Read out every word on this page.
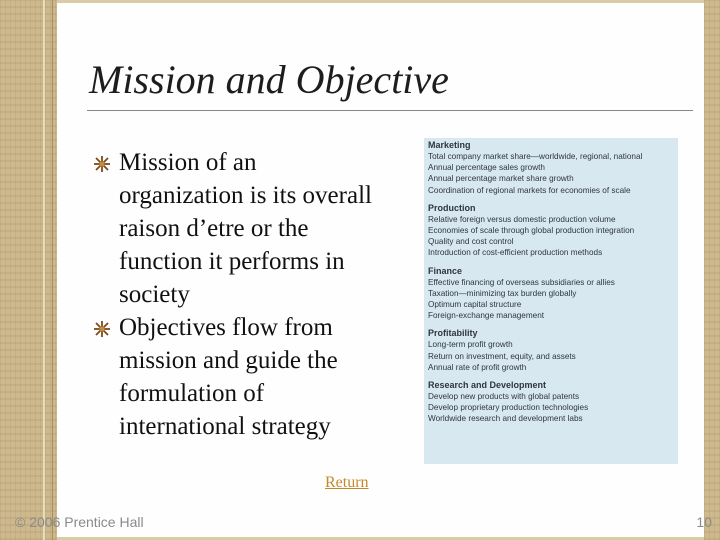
Mission and Objective
Mission of an organization is its overall raison d’etre or the function it performs in society
Objectives flow from mission and guide the formulation of international strategy
Marketing
Total company market share—worldwide, regional, national
Annual percentage sales growth
Annual percentage market share growth
Coordination of regional markets for economies of scale
Production
Relative foreign versus domestic production volume
Economies of scale through global production integration
Quality and cost control
Introduction of cost-efficient production methods
Finance
Effective financing of overseas subsidiaries or allies
Taxation—minimizing tax burden globally
Optimum capital structure
Foreign-exchange management
Profitability
Long-term profit growth
Return on investment, equity, and assets
Annual rate of profit growth
Research and Development
Develop new products with global patents
Develop proprietary production technologies
Worldwide research and development labs
Return
© 2006 Prentice Hall	10
